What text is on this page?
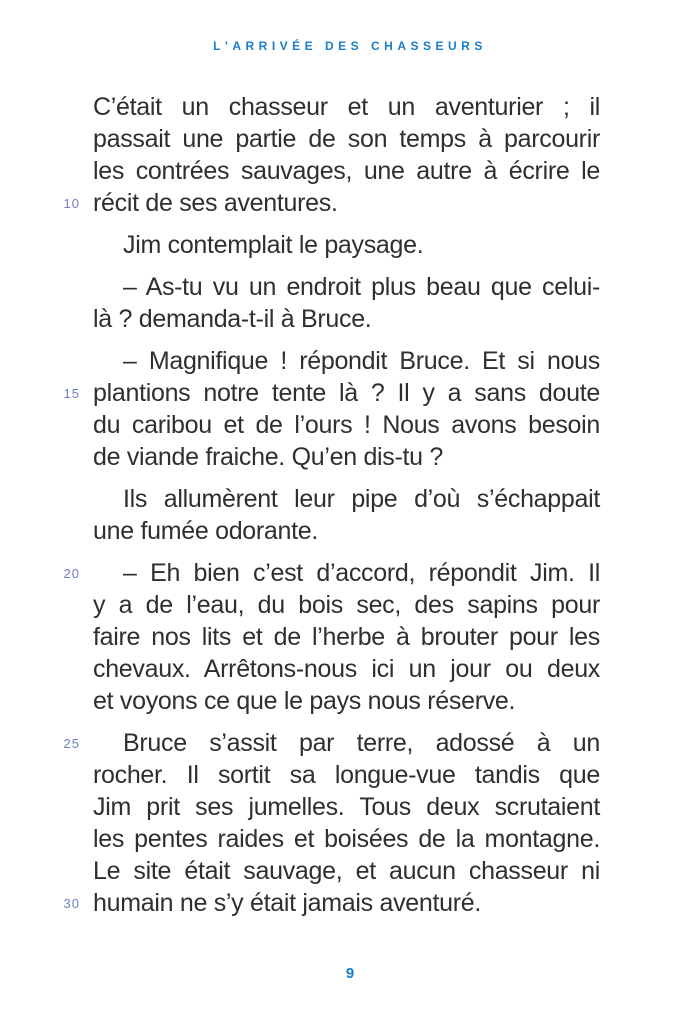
L'ARRIVÉE DES CHASSEURS
C’était un chasseur et un aventurier ; il
passait une partie de son temps à parcourir
les contrées sauvages, une autre à écrire le
10 récit de ses aventures.
Jim contemplait le paysage.
– As-tu vu un endroit plus beau que celui-
là ? demanda-t-il à Bruce.
– Magnifique ! répondit Bruce. Et si nous
15 plantions notre tente là ? Il y a sans doute
du caribou et de l’ours ! Nous avons besoin
de viande fraiche. Qu’en dis-tu ?
Ils allumèrent leur pipe d’où s’échappait
une fumée odorante.
20	– Eh bien c’est d’accord, répondit Jim. Il
y a de l’eau, du bois sec, des sapins pour
faire nos lits et de l’herbe à brouter pour les
chevaux. Arrêtons-nous ici un jour ou deux
et voyons ce que le pays nous réserve.
25	Bruce s’assit par terre, adossé à un
rocher. Il sortit sa longue-vue tandis que
Jim prit ses jumelles. Tous deux scrutaient
les pentes raides et boisées de la montagne.
Le site était sauvage, et aucun chasseur ni
30 humain ne s’y était jamais aventuré.
9
